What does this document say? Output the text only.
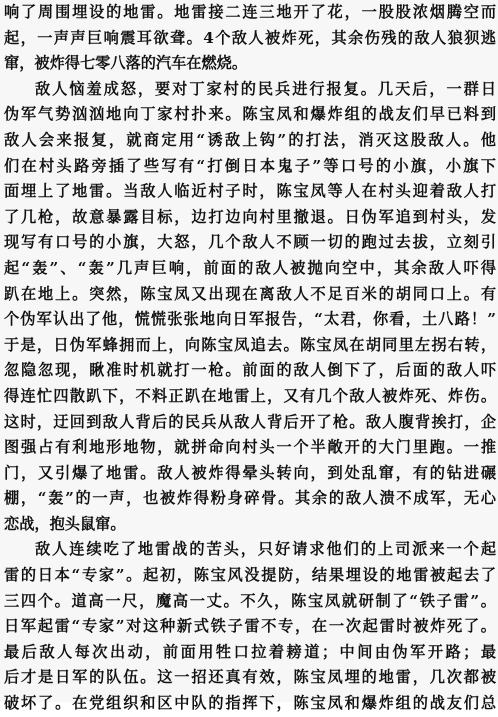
响了周围埋设的地雷。地雷接二连三地开了花，一股股浓烟腾空而
起，一声声巨响震耳欲聋。4个敌人被炸死，其余伤残的敌人狼狈逃
窜，被炸得七零八落的汽车在燃烧。
敌人恼羞成怒，要对丁家村的民兵进行报复。几天后，一群日
伪军气势汹汹地向丁家村扑来。陈宝凤和爆炸组的战友们早已料到
敌人会来报复，就商定用“诱敌上钩”的打法，消灭这股敌人。他
们在村头路旁插了些写有“打倒日本鬼子”等口号的小旗，小旗下
面埋上了地雷。当敌人临近村子时，陈宝凤等人在村头迎着敌人打
了几枪，故意暴露目标，边打边向村里撤退。日伪军追到村头，发
现写有口号的小旗，大怒，几个敌人不顾一切的跑过去拔，立刻引
起“轰”、“轰”几声巨响，前面的敌人被抛向空中，其余敌人吓得
趴在地上。突然，陈宝凤又出现在离敌人不足百米的胡同口上。有
个伪军认出了他，慌慌张张地向日军报告，“太君，你看，土八路！”
于是，日伪军蜂拥而上，向陈宝凤追去。陈宝凤在胡同里左拐右转，
忽隐忽现，瞅准时机就打一枪。前面的敌人倒下了，后面的敌人吓
得连忙四散趴下，不料正趴在地雷上，又有几个敌人被炸死、炸伤。
这时，迂回到敌人背后的民兵从敌人背后开了枪。敌人腹背挨打，企
图强占有利地形地物，就拼命向村头一个半敞开的大门里跑。一推
门，又引爆了地雷。敌人被炸得晕头转向，到处乱窜，有的钻进碾
棚，“轰”的一声，也被炸得粉身碎骨。其余的敌人溃不成军，无心
恋战，抱头鼠窜。
敌人连续吃了地雷战的苦头，只好请求他们的上司派来一个起
雷的日本“专家”。起初，陈宝风没提防，结果埋设的地雷被起去了
三四个。道高一尺，魔高一丈。不久，陈宝凤就研制了“铁子雷”。
日军起雷“专家”对这种新式铁子雷不专，在一次起雷时被炸死了。
最后敌人每次出动，前面用牲口拉着耪道；中间由伪军开路；最
后才是日军的队伍。这一招还真有效，陈宝凤埋的地雷，几次都被
破坏了。在党组织和区中队的指挥下，陈宝凤和爆炸组的战友们总
